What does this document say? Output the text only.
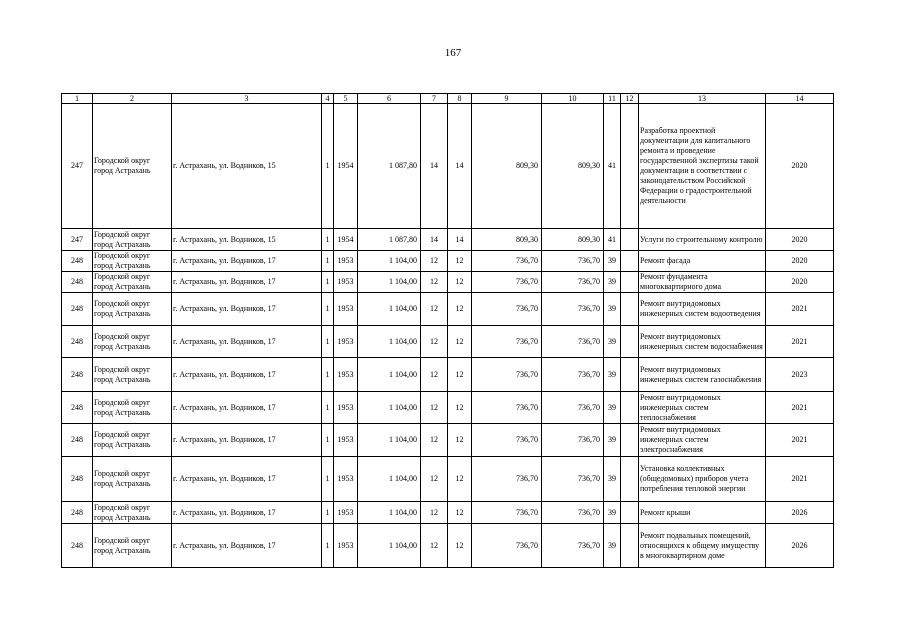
167
1	2	3	4	5	6	7	8	9	10	11	12	13	14
247	Городской округ город Астрахань	г. Астрахань, ул. Водников, 15	1	1954	1 087,80	14	14	809,30	809,30	41		Разработка проектной документации для капитального ремонта и проведение государственной экспертизы такой документации в соответствии с законодательством Российской Федерации о градостроительной деятельности	2020
247	Городской округ город Астрахань	г. Астрахань, ул. Водников, 15	1	1954	1 087,80	14	14	809,30	809,30	41		Услуги по строительному контролю	2020
248	Городской округ город Астрахань	г. Астрахань, ул. Водников, 17	1	1953	1 104,00	12	12	736,70	736,70	39		Ремонт фасада	2020
248	Городской округ город Астрахань	г. Астрахань, ул. Водников, 17	1	1953	1 104,00	12	12	736,70	736,70	39		Ремонт фундамента многоквартирного дома	2020
248	Городской округ город Астрахань	г. Астрахань, ул. Водников, 17	1	1953	1 104,00	12	12	736,70	736,70	39		Ремонт внутридомовых инженерных систем водоотведения	2021
248	Городской округ город Астрахань	г. Астрахань, ул. Водников, 17	1	1953	1 104,00	12	12	736,70	736,70	39		Ремонт внутридомовых инженерных систем водоснабжения	2021
248	Городской округ город Астрахань	г. Астрахань, ул. Водников, 17	1	1953	1 104,00	12	12	736,70	736,70	39		Ремонт внутридомовых инженерных систем газоснабжения	2023
248	Городской округ город Астрахань	г. Астрахань, ул. Водников, 17	1	1953	1 104,00	12	12	736,70	736,70	39		Ремонт внутридомовых инженерных систем теплоснабжения	2021
248	Городской округ город Астрахань	г. Астрахань, ул. Водников, 17	1	1953	1 104,00	12	12	736,70	736,70	39		Ремонт внутридомовых инженерных систем электроснабжения	2021
248	Городской округ город Астрахань	г. Астрахань, ул. Водников, 17	1	1953	1 104,00	12	12	736,70	736,70	39		Установка коллективных (общедомовых) приборов учета потребления тепловой энергии	2021
248	Городской округ город Астрахань	г. Астрахань, ул. Водников, 17	1	1953	1 104,00	12	12	736,70	736,70	39		Ремонт крыши	2026
248	Городской округ город Астрахань	г. Астрахань, ул. Водников, 17	1	1953	1 104,00	12	12	736,70	736,70	39		Ремонт подвальных помещений, относящихся к общему имуществу в многоквартирном доме	2026
